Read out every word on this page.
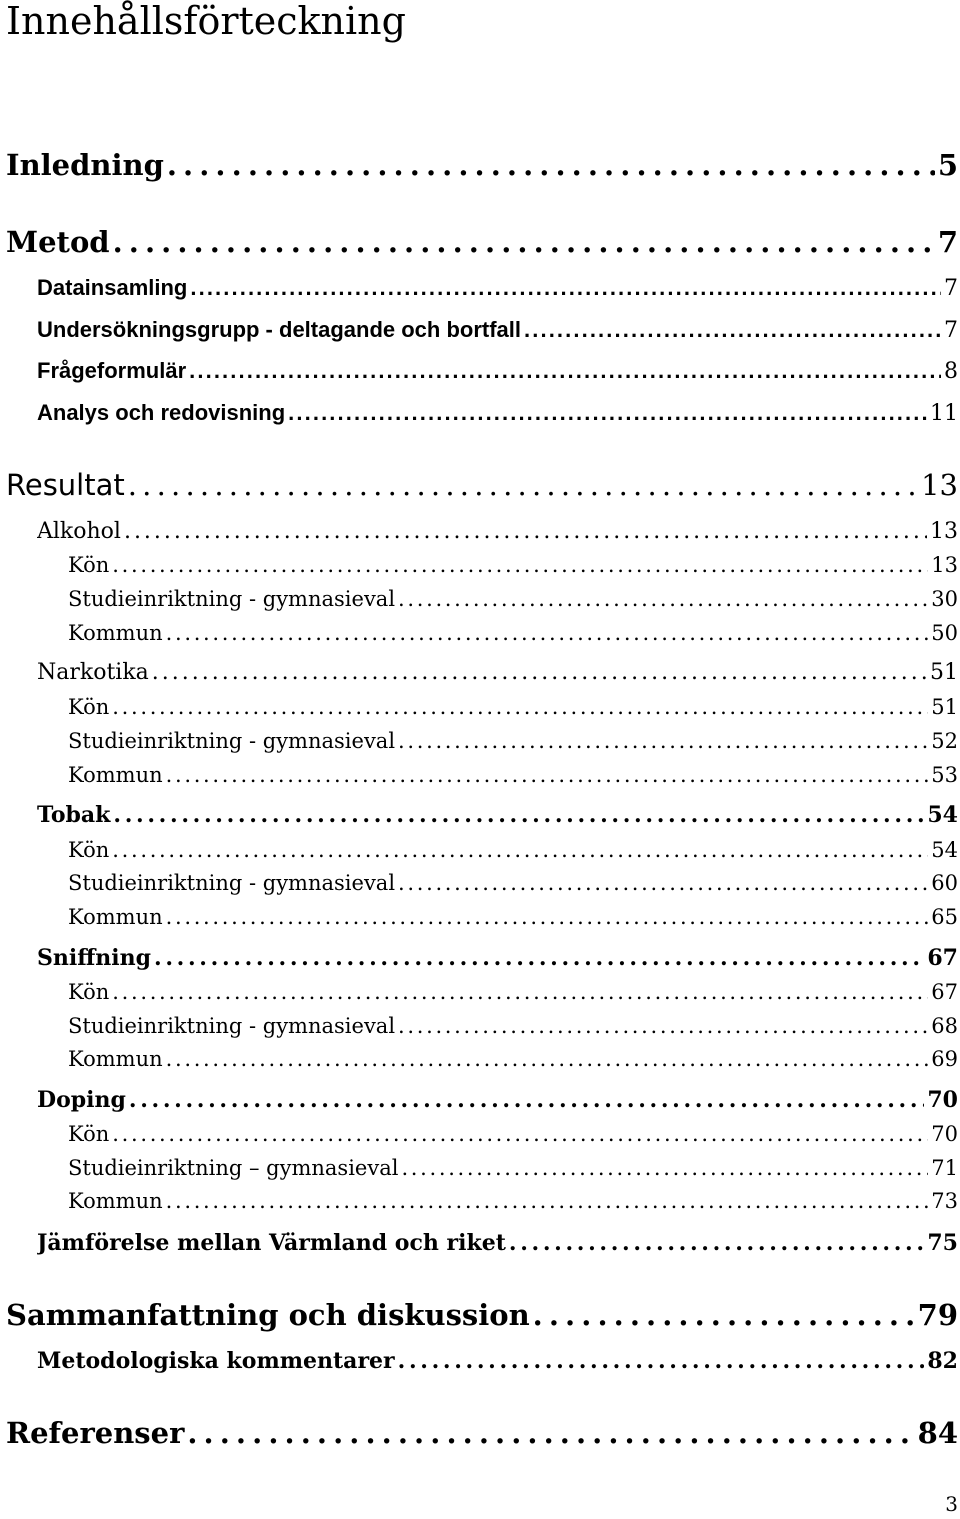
Innehållsförteckning
Inledning . . .	5
Metod . . .	7
Datainsamling . . .	7
Undersökningsgrupp - deltagande och bortfall . . .	7
Frågeformulär . . .	8
Analys och redovisning . . .	11
Resultat . . .	13
Alkohol . . .	13
Kön . . .	13
Studieinriktning - gymnasieval . . .	30
Kommun . . .	50
Narkotika . . .	51
Kön . . .	51
Studieinriktning - gymnasieval . . .	52
Kommun . . .	53
Tobak . . .	54
Kön . . .	54
Studieinriktning - gymnasieval . . .	60
Kommun . . .	65
Sniffning . . .	67
Kön . . .	67
Studieinriktning - gymnasieval . . .	68
Kommun . . .	69
Doping . . .	70
Kön . . .	70
Studieinriktning – gymnasieval . . .	71
Kommun . . .	73
Jämförelse mellan Värmland och riket . . .	75
Sammanfattning och diskussion . . .	79
Metodologiska kommentarer . . .	82
Referenser . . .	84

3
